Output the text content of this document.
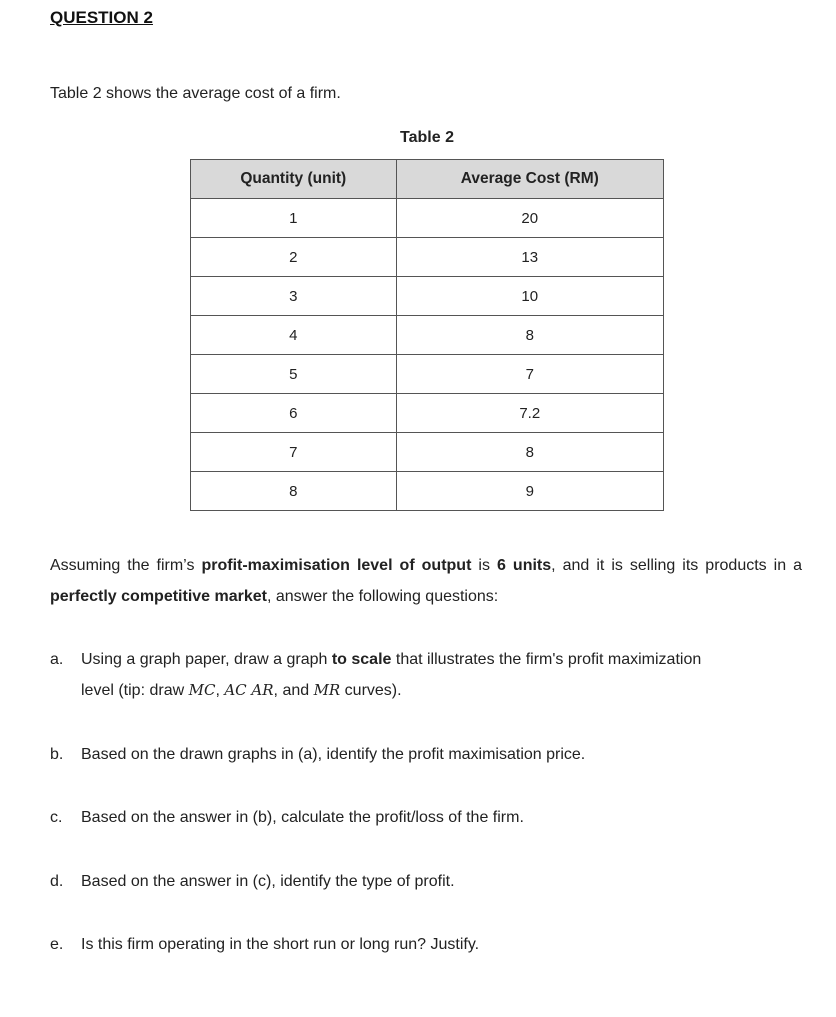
QUESTION 2
Table 2 shows the average cost of a firm.
Table 2
Quantity (unit)	Average Cost (RM)
1	20
2	13
3	10
4	8
5	7
6	7.2
7	8
8	9
Assuming the firm’s profit-maximisation level of output is 6 units, and it is selling its products in a perfectly competitive market, answer the following questions:
a. Using a graph paper, draw a graph to scale that illustrates the firm's profit maximization
level (tip: draw MC, AC AR, and MR curves).
b. Based on the drawn graphs in (a), identify the profit maximisation price.
c. Based on the answer in (b), calculate the profit/loss of the firm.
d. Based on the answer in (c), identify the type of profit.
e. Is this firm operating in the short run or long run? Justify.
